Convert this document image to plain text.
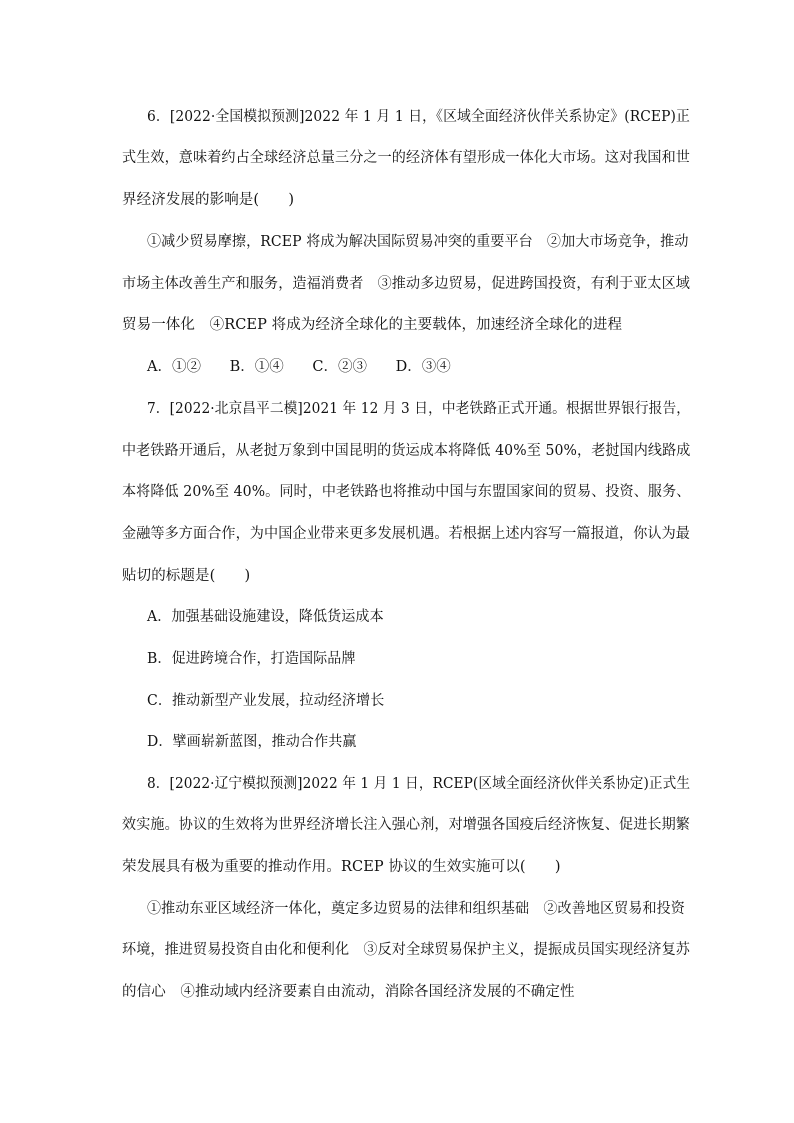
6．[2022·全国模拟预测]2022 年 1 月 1 日，《区域全面经济伙伴关系协定》(RCEP)正
式生效，意味着约占全球经济总量三分之一的经济体有望形成一体化大市场。这对我国和世
界经济发展的影响是(　　)
①减少贸易摩擦，RCEP 将成为解决国际贸易冲突的重要平台　②加大市场竞争，推动
市场主体改善生产和服务，造福消费者　③推动多边贸易，促进跨国投资，有利于亚太区域
贸易一体化　④RCEP 将成为经济全球化的主要载体，加速经济全球化的进程
A．①② B．①④ C．②③ D．③④
7．[2022·北京昌平二模]2021 年 12 月 3 日，中老铁路正式开通。根据世界银行报告，
中老铁路开通后，从老挝万象到中国昆明的货运成本将降低 40%至 50%，老挝国内线路成
本将降低 20%至 40%。同时，中老铁路也将推动中国与东盟国家间的贸易、投资、服务、
金融等多方面合作，为中国企业带来更多发展机遇。若根据上述内容写一篇报道，你认为最
贴切的标题是(　　)
A．加强基础设施建设，降低货运成本
B．促进跨境合作，打造国际品牌
C．推动新型产业发展，拉动经济增长
D．擘画崭新蓝图，推动合作共赢
8．[2022·辽宁模拟预测]2022 年 1 月 1 日，RCEP(区域全面经济伙伴关系协定)正式生
效实施。协议的生效将为世界经济增长注入强心剂，对增强各国疫后经济恢复、促进长期繁
荣发展具有极为重要的推动作用。RCEP 协议的生效实施可以(　　)
①推动东亚区域经济一体化，奠定多边贸易的法律和组织基础　②改善地区贸易和投资
环境，推进贸易投资自由化和便利化　③反对全球贸易保护主义，提振成员国实现经济复苏
的信心　④推动域内经济要素自由流动，消除各国经济发展的不确定性
